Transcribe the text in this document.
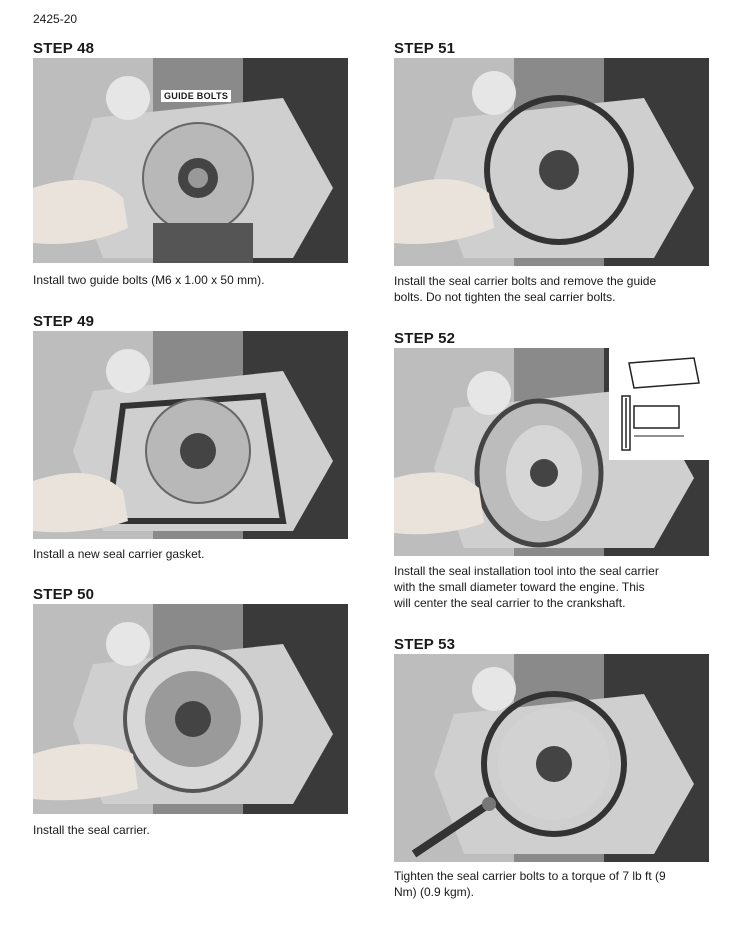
2425-20
STEP 48
GUIDE BOLTS
Install two guide bolts (M6 x 1.00 x 50 mm).
STEP 49
Install a new seal carrier gasket.
STEP 50
Install the seal carrier.
STEP 51
Install the seal carrier bolts and remove the guide
bolts. Do not tighten the seal carrier bolts.
STEP 52
Install the seal installation tool into the seal carrier
with the small diameter toward the engine. This
will center the seal carrier to the crankshaft.
STEP 53
Tighten the seal carrier bolts to a torque of 7 lb ft (9
Nm) (0.9 kgm).
